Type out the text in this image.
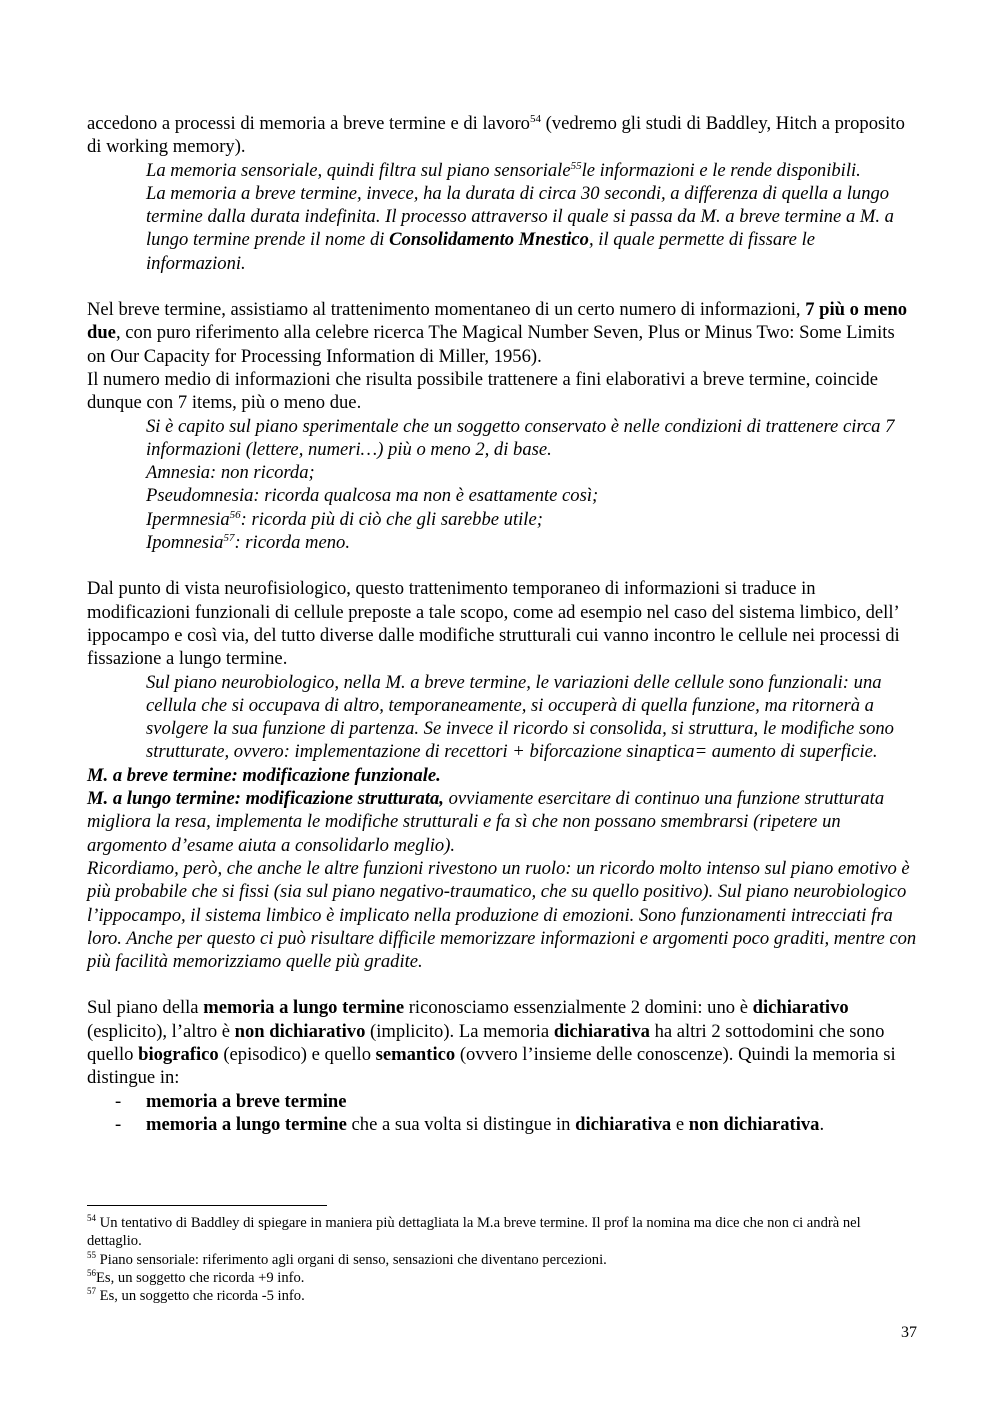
accedono a processi di memoria a breve termine e di lavoro$^{54}$ (vedremo gli studi di Baddley, Hitch a proposito di working memory).

La memoria sensoriale, quindi filtra sul piano sensoriale$^{55}$le informazioni e le rende disponibili.

La memoria a breve termine, invece, ha la durata di circa 30 secondi, a differenza di quella a lungo termine dalla durata indefinita. Il processo attraverso il quale si passa da M. a breve termine a M. a lungo termine prende il nome di Consolidamento Mnestico, il quale permette di fissare le informazioni.

Nel breve termine, assistiamo al trattenimento momentaneo di un certo numero di informazioni, 7 più o meno due, con puro riferimento alla celebre ricerca The Magical Number Seven, Plus or Minus Two: Some Limits on Our Capacity for Processing Information di Miller, 1956).

Il numero medio di informazioni che risulta possibile trattenere a fini elaborativi a breve termine, coincide dunque con 7 items, più o meno due.

Si è capito sul piano sperimentale che un soggetto conservato è nelle condizioni di trattenere circa 7 informazioni (lettere, numeri…) più o meno 2, di base.

Amnesia: non ricorda;

Pseudomnesia: ricorda qualcosa ma non è esattamente così;

Ipermnesia$^{56}$: ricorda più di ciò che gli sarebbe utile;

Ipomnesia$^{57}$: ricorda meno.

Dal punto di vista neurofisiologico, questo trattenimento temporaneo di informazioni si traduce in modificazioni funzionali di cellule preposte a tale scopo, come ad esempio nel caso del sistema limbico, dell’ ippocampo e così via, del tutto diverse dalle modifiche strutturali cui vanno incontro le cellule nei processi di fissazione a lungo termine.

Sul piano neurobiologico, nella M. a breve termine, le variazioni delle cellule sono funzionali: una cellula che si occupava di altro, temporaneamente, si occuperà di quella funzione, ma ritornerà a svolgere la sua funzione di partenza. Se invece il ricordo si consolida, si struttura, le modifiche sono strutturate, ovvero: implementazione di recettori + biforcazione sinaptica= aumento di superficie.

M. a breve termine: modificazione funzionale.

M. a lungo termine: modificazione strutturata, ovviamente esercitare di continuo una funzione strutturata migliora la resa, implementa le modifiche strutturali e fa sì che non possano smembrarsi (ripetere un argomento d’esame aiuta a consolidarlo meglio).

Ricordiamo, però, che anche le altre funzioni rivestono un ruolo: un ricordo molto intenso sul piano emotivo è più probabile che si fissi (sia sul piano negativo-traumatico, che su quello positivo). Sul piano neurobiologico l’ippocampo, il sistema limbico è implicato nella produzione di emozioni. Sono funzionamenti intrecciati fra loro. Anche per questo ci può risultare difficile memorizzare informazioni e argomenti poco graditi, mentre con più facilità memorizziamo quelle più gradite.

Sul piano della memoria a lungo termine riconosciamo essenzialmente 2 domini: uno è dichiarativo (esplicito), l’altro è non dichiarativo (implicito). La memoria dichiarativa ha altri 2 sottodomini che sono quello biografico (episodico) e quello semantico (ovvero l’insieme delle conoscenze). Quindi la memoria si distingue in:

- memoria a breve termine
- memoria a lungo termine che a sua volta si distingue in dichiarativa e non dichiarativa.

$^{54}$ Un tentativo di Baddley di spiegare in maniera più dettagliata la M.a breve termine. Il prof la nomina ma dice che non ci andrà nel dettaglio.

$^{55}$ Piano sensoriale: riferimento agli organi di senso, sensazioni che diventano percezioni.

$^{56}$Es, un soggetto che ricorda +9 info.

$^{57}$ Es, un soggetto che ricorda -5 info.

37
